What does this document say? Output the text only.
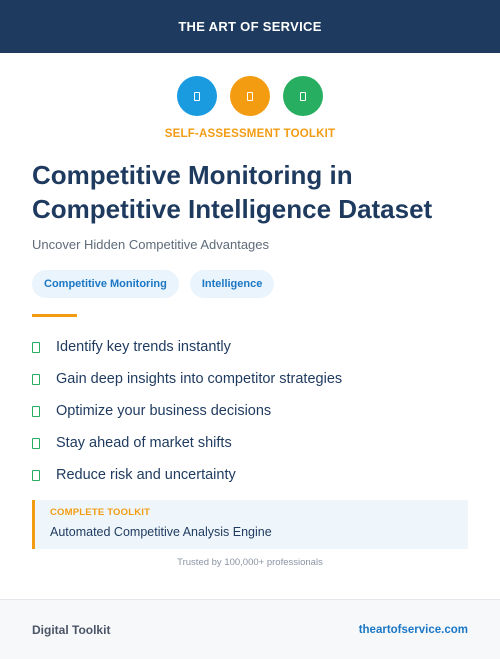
THE ART OF SERVICE
SELF-ASSESSMENT TOOLKIT
Competitive Monitoring in Competitive Intelligence Dataset
Uncover Hidden Competitive Advantages
Competitive Monitoring	Intelligence
Identify key trends instantly
Gain deep insights into competitor strategies
Optimize your business decisions
Stay ahead of market shifts
Reduce risk and uncertainty
COMPLETE TOOLKIT
Automated Competitive Analysis Engine
Trusted by 100,000+ professionals
Digital Toolkit	theartofservice.com
